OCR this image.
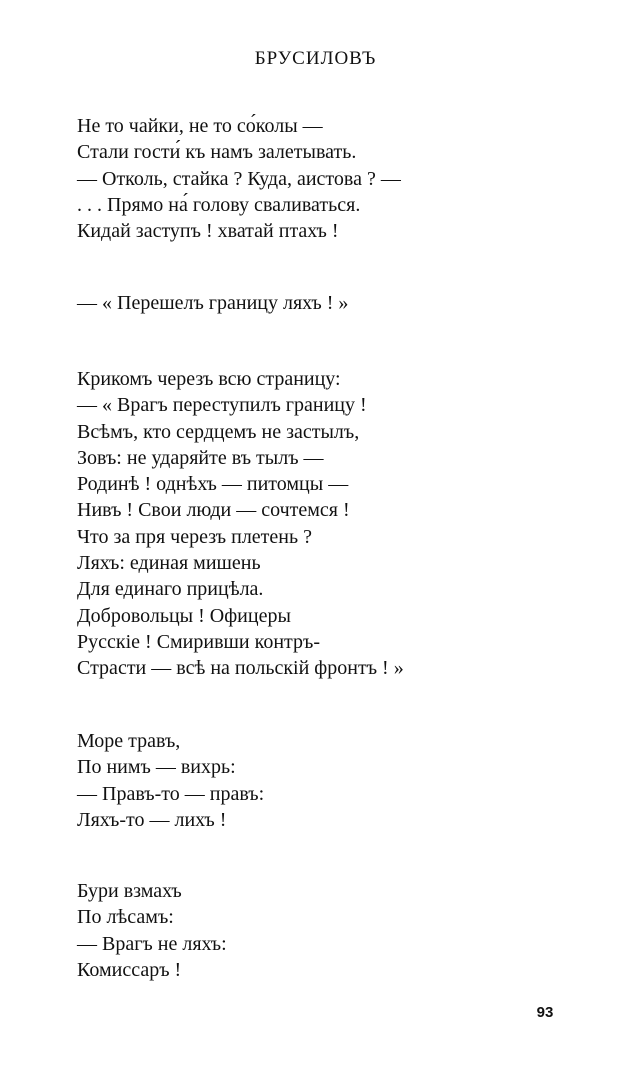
БРУСИЛОВЪ
Не то чайки, не то со́колы —
Стали гости́ къ намъ залетывать.
— Отколь, стайка ? Куда, аистова ? —
. . . Прямо на́ голову сваливаться.
Кидай заступъ ! хватай птахъ !
— « Перешелъ границу ляхъ ! »
Крикомъ черезъ всю страницу:
— « Врагъ переступилъ границу !
Всѣмъ, кто сердцемъ не застылъ,
Зовъ: не ударяйте въ тылъ —
Родинѣ ! однѣхъ — питомцы —
Нивъ ! Свои люди — сочтемся !
Что за пря черезъ плетень ?
Ляхъ: единая мишень
Для единаго прицѣла.
Добровольцы ! Офицеры
Русскіе ! Смиривши контръ-
Страсти — всѣ на польскій фронтъ ! »
Море травъ,
По нимъ — вихрь:
— Правъ-то — правъ:
Ляхъ-то — лихъ !
Бури взмахъ
По лѣсамъ:
— Врагъ не ляхъ:
Комиссаръ !
93
